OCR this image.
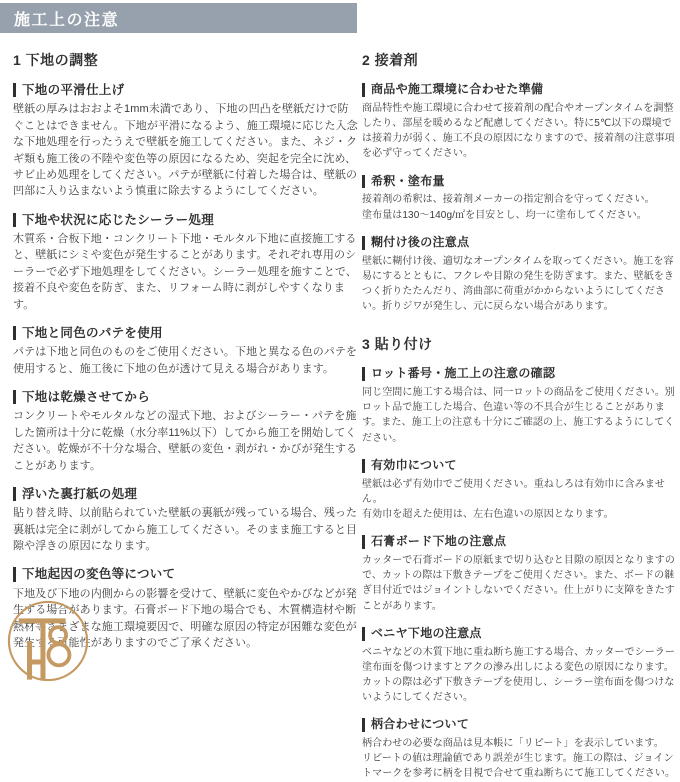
施工上の注意
1 下地の調整
下地の平滑仕上げ

壁紙の厚みはおおよそ1mm未満であり、下地の凹凸を壁紙だけで防ぐことはできません。下地が平滑になるよう、施工環境に応じた入念な下地処理を行ったうえで壁紙を施工してください。また、ネジ・クギ類も施工後の不陸や変色等の原因になるため、突起を完全に沈め、サビ止め処理をしてください。パテが壁紙に付着した場合は、壁紙の凹部に入り込まないよう慎重に除去するようにしてください。

下地や状況に応じたシーラー処理

木質系・合板下地・コンクリート下地・モルタル下地に直接施工すると、壁紙にシミや変色が発生することがあります。それぞれ専用のシーラーで必ず下地処理をしてください。シーラー処理を施すことで、接着不良や変色を防ぎ、また、リフォーム時に剥がしやすくなります。

下地と同色のパテを使用

パテは下地と同色のものをご使用ください。下地と異なる色のパテを使用すると、施工後に下地の色が透けて見える場合があります。

下地は乾燥させてから

コンクリートやモルタルなどの湿式下地、およびシーラー・パテを施した箇所は十分に乾燥（水分率11%以下）してから施工を開始してください。乾燥が不十分な場合、壁紙の変色・剥がれ・かびが発生することがあります。

浮いた裏打紙の処理

貼り替え時、以前貼られていた壁紙の裏紙が残っている場合、残った裏紙は完全に剥がしてから施工してください。そのまま施工すると目隙や浮きの原因になります。

下地起因の変色等について

下地及び下地の内側からの影響を受けて、壁紙に変色やかびなどが発生する場合があります。石膏ボード下地の場合でも、木質構造材や断熱材等さまざまな施工環境要因で、明確な原因の特定が困難な変色が発生する可能性がありますのでご了承ください。

2 接着剤
商品や施工環境に合わせた準備

商品特性や施工環境に合わせて接着剤の配合やオープンタイムを調整したり、部屋を暖めるなど配慮してください。特に5℃以下の環境では接着力が弱く、施工不良の原因になりますので、接着剤の注意事項を必ず守ってください。

希釈・塗布量

接着剤の希釈は、接着剤メーカーの指定割合を守ってください。

塗布量は130〜140g/㎡を目安とし、均一に塗布してください。

糊付け後の注意点

壁紙に糊付け後、適切なオープンタイムを取ってください。施工を容易にするとともに、フクレや目隙の発生を防ぎます。また、壁紙をきつく折りたたんだり、湾曲部に荷重がかからないようにしてください。折りジワが発生し、元に戻らない場合があります。

3 貼り付け
ロット番号・施工上の注意の確認

同じ空間に施工する場合は、同一ロットの商品をご使用ください。別ロット品で施工した場合、色違い等の不具合が生じることがあります。また、施工上の注意も十分にご確認の上、施工するようにしてください。

有効巾について

壁紙は必ず有効巾でご使用ください。重ねしろは有効巾に含みません。

有効巾を超えた使用は、左右色違いの原因となります。

石膏ボード下地の注意点

カッターで石膏ボードの原紙まで切り込むと目隙の原因となりますので、カットの際は下敷きテープをご使用ください。また、ボードの継ぎ目付近ではジョイントしないでください。仕上がりに支障をきたすことがあります。

ベニヤ下地の注意点

ベニヤなどの木質下地に重ね断ち施工する場合、カッターでシーラー塗布面を傷つけますとアクの滲み出しによる変色の原因になります。カットの際は必ず下敷きテープを使用し、シーラー塗布面を傷つけないようにしてください。

柄合わせについて

柄合わせの必要な商品は見本帳に「リピート」を表示しています。

リピートの値は理論値であり誤差が生じます。施工の際は、ジョイントマークを参考に柄を目視で合せて重ね断ちにて施工してください。
